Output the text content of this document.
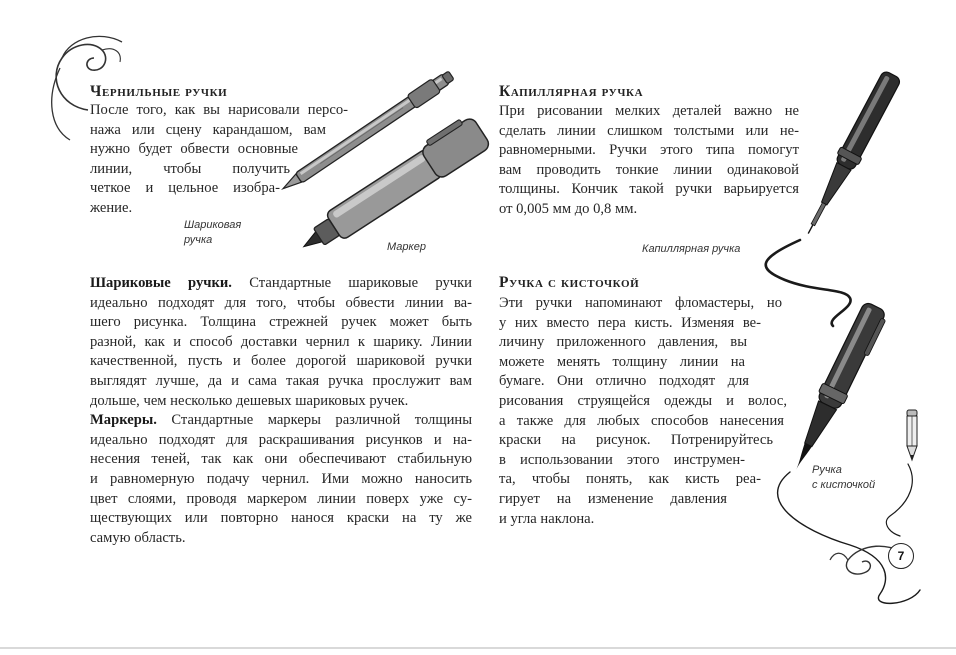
Чернильные ручки
После того, как вы нарисовали персо-
нажа или сцену карандашом, вам
нужно будет обвести основные
линии, чтобы получить
четкое и цельное изобра-
жение.
Шариковая
ручка
Маркер
Шариковые ручки. Стандартные шариковые ручки
идеально подходят для того, чтобы обвести линии ва-
шего рисунка. Толщина стрежней ручек может быть
разной, как и способ доставки чернил к шарику. Линии
качественной, пусть и более дорогой шариковой ручки
выглядят лучше, да и сама такая ручка прослужит вам
дольше, чем несколько дешевых шариковых ручек.
Маркеры. Стандартные маркеры различной толщины
идеально подходят для раскрашивания рисунков и на-
несения теней, так как они обеспечивают стабильную
и равномерную подачу чернил. Ими можно наносить
цвет слоями, проводя маркером линии поверх уже су-
ществующих или повторно нанося краски на ту же
самую область.
Капиллярная ручка
При рисовании мелких деталей важно не
сделать линии слишком толстыми или не-
равномерными. Ручки этого типа помогут
вам проводить тонкие линии одинаковой
толщины. Кончик такой ручки варьируется
от 0,005 мм до 0,8 мм.
Капиллярная ручка
Ручка с кисточкой
Эти ручки напоминают фломастеры, но
у них вместо пера кисть. Изменяя ве-
личину приложенного давления, вы
можете менять толщину линии на
бумаге. Они отлично подходят для
рисования струящейся одежды и волос,
а также для любых способов нанесения
краски на рисунок. Потренируйтесь
в использовании этого инструмен-
та, чтобы понять, как кисть реа-
гирует на изменение давления
и угла наклона.
Ручка
с кисточкой
7
